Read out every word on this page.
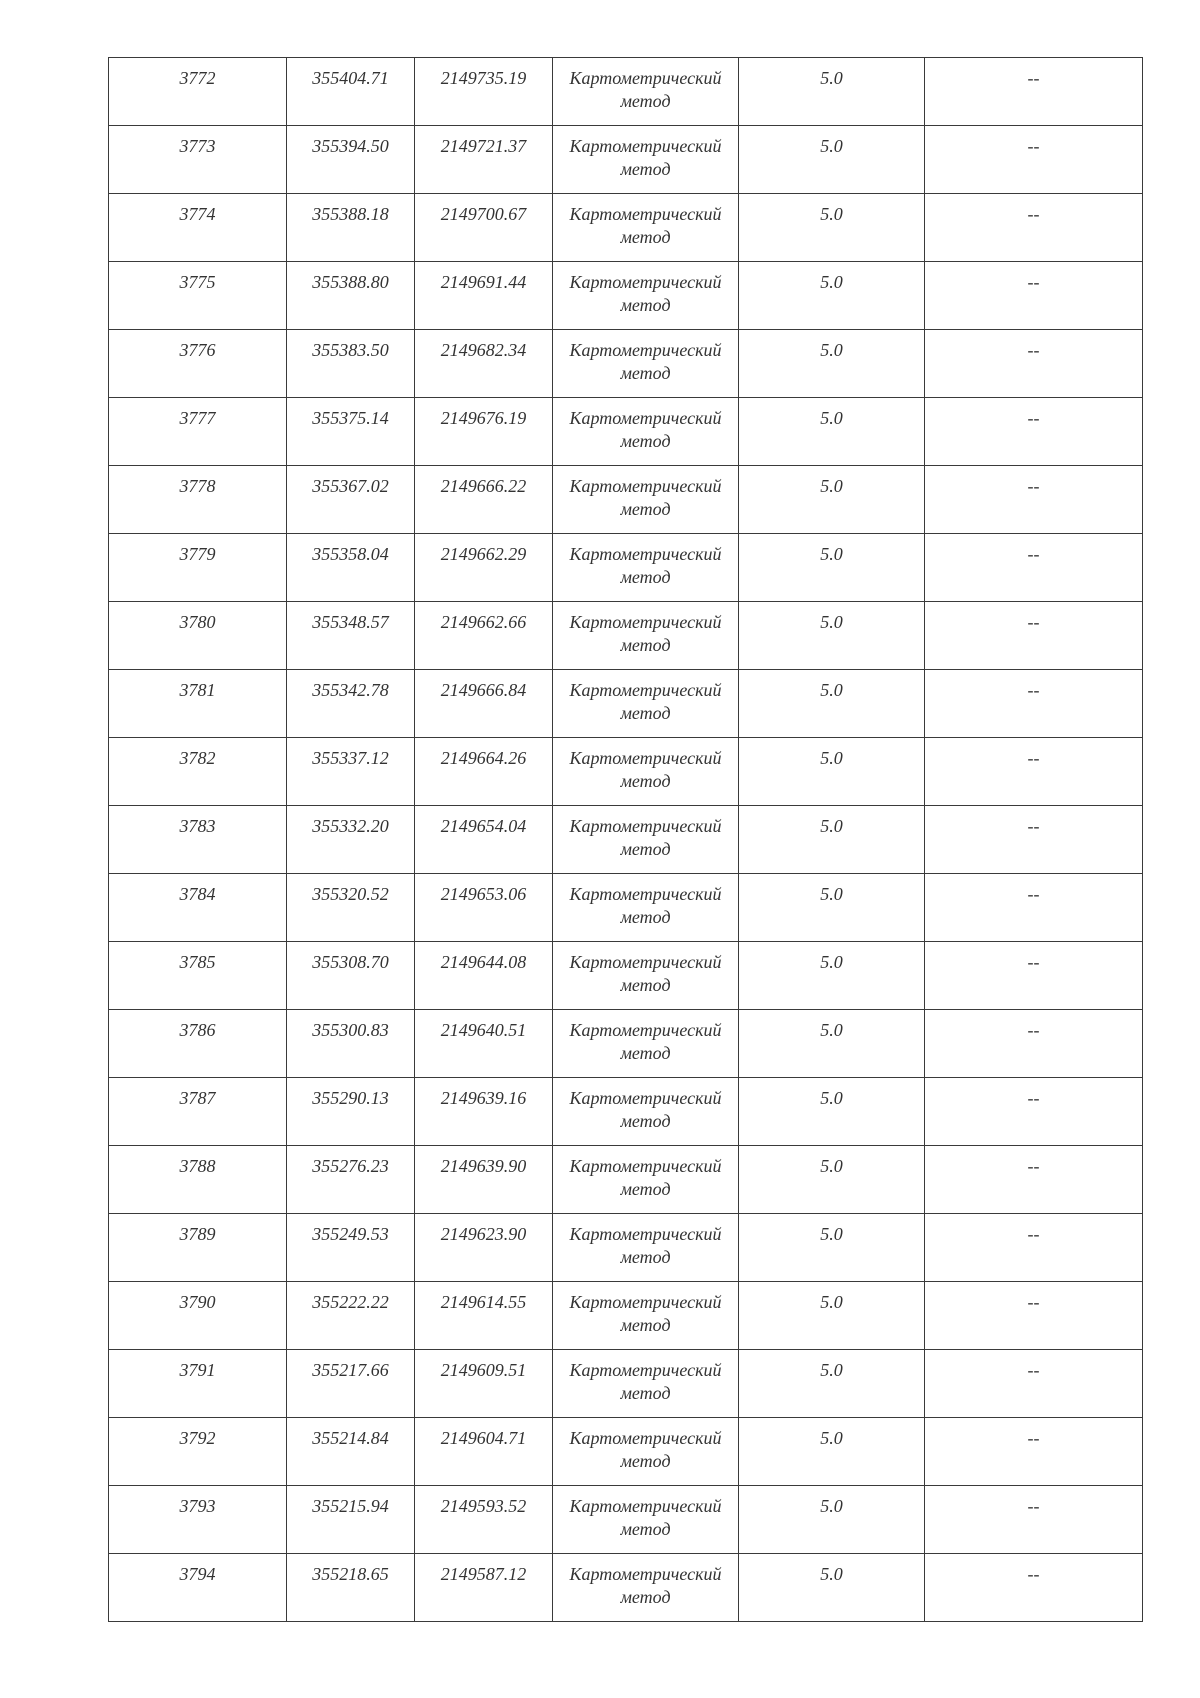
3772	355404.71	2149735.19	Картометрический
метод	5.0	--

3773	355394.50	2149721.37	Картометрический
метод	5.0	--

3774	355388.18	2149700.67	Картометрический
метод	5.0	--

3775	355388.80	2149691.44	Картометрический
метод	5.0	--

3776	355383.50	2149682.34	Картометрический
метод	5.0	--

3777	355375.14	2149676.19	Картометрический
метод	5.0	--

3778	355367.02	2149666.22	Картометрический
метод	5.0	--

3779	355358.04	2149662.29	Картометрический
метод	5.0	--

3780	355348.57	2149662.66	Картометрический
метод	5.0	--

3781	355342.78	2149666.84	Картометрический
метод	5.0	--

3782	355337.12	2149664.26	Картометрический
метод	5.0	--

3783	355332.20	2149654.04	Картометрический
метод	5.0	--

3784	355320.52	2149653.06	Картометрический
метод	5.0	--

3785	355308.70	2149644.08	Картометрический
метод	5.0	--

3786	355300.83	2149640.51	Картометрический
метод	5.0	--

3787	355290.13	2149639.16	Картометрический
метод	5.0	--

3788	355276.23	2149639.90	Картометрический
метод	5.0	--

3789	355249.53	2149623.90	Картометрический
метод	5.0	--

3790	355222.22	2149614.55	Картометрический
метод	5.0	--

3791	355217.66	2149609.51	Картометрический
метод	5.0	--

3792	355214.84	2149604.71	Картометрический
метод	5.0	--

3793	355215.94	2149593.52	Картометрический
метод	5.0	--

3794	355218.65	2149587.12	Картометрический
метод	5.0	--
